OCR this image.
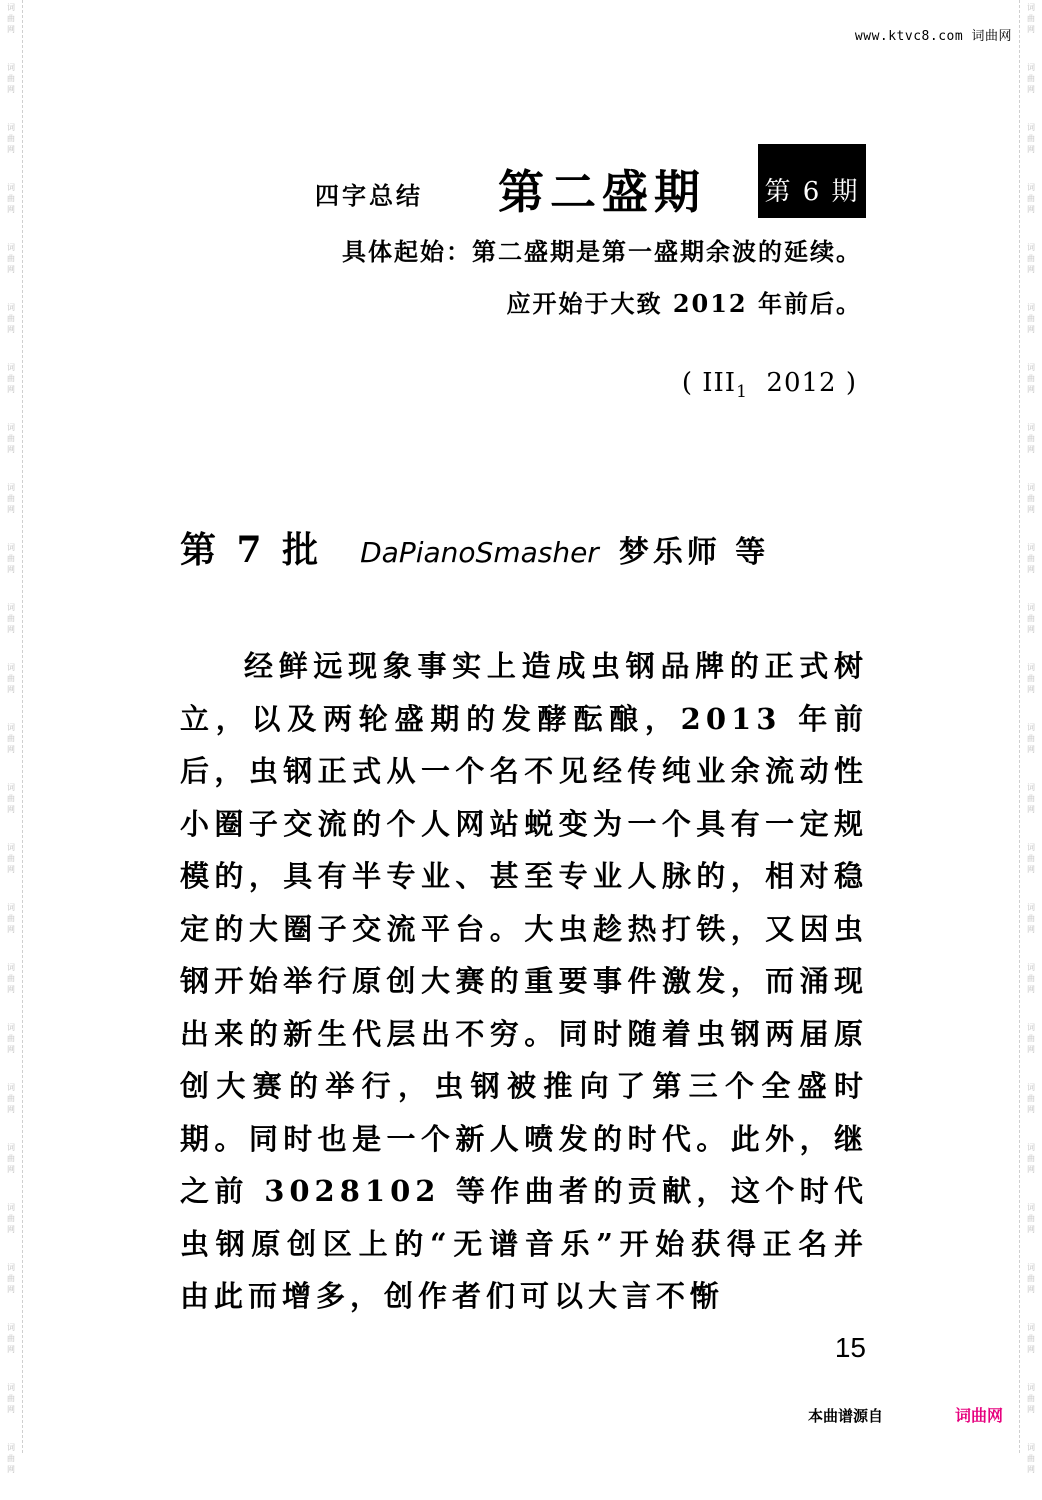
词
曲
网
词
曲
网
词
曲
网
词
曲
网
词
曲
网
词
曲
网
词
曲
网
词
曲
网
词
曲
网
词
曲
网
词
曲
网
词
曲
网
词
曲
网
词
曲
网
词
曲
网
词
曲
网
词
曲
网
词
曲
网
词
曲
网
词
曲
网
词
曲
网
词
曲
网
词
曲
网
词
曲
网
词
曲
网
词
曲
网
词
曲
网
词
曲
网
词
曲
网
词
曲
网
词
曲
网
词
曲
网
词
曲
网
词
曲
网
词
曲
网
词
曲
网
词
曲
网
词
曲
网
词
曲
网
词
曲
网
词
曲
网
词
曲
网
词
曲
网
词
曲
网
词
曲
网
词
曲
网
词
曲
网
词
曲
网
词
曲
网
词
曲
网
www.ktvc8.com 词曲网
四字总结 第二盛期 第 6 期
具体起始：第二盛期是第一盛期余波的延续。
应开始于大致 2012 年前后。
( $III_1$  2012 )
第 7 批 DaPianoSmasher 梦乐师 等

经鲜远现象事实上造成虫钢品牌的正式树立，以及两轮盛期的发酵酝酿，2013 年前后，虫钢正式从一个名不见经传纯业余流动性小圈子交流的个人网站蜕变为一个具有一定规模的，具有半专业、甚至专业人脉的，相对稳定的大圈子交流平台。大虫趁热打铁，又因虫钢开始举行原创大赛的重要事件激发，而涌现出来的新生代层出不穷。同时随着虫钢两届原创大赛的举行，虫钢被推向了第三个全盛时期。同时也是一个新人喷发的时代。此外，继之前 3028102 等作曲者的贡献，这个时代虫钢原创区上的“无谱音乐”开始获得正名并由此而增多，创作者们可以大言不惭

15
本曲谱源自	词曲网
